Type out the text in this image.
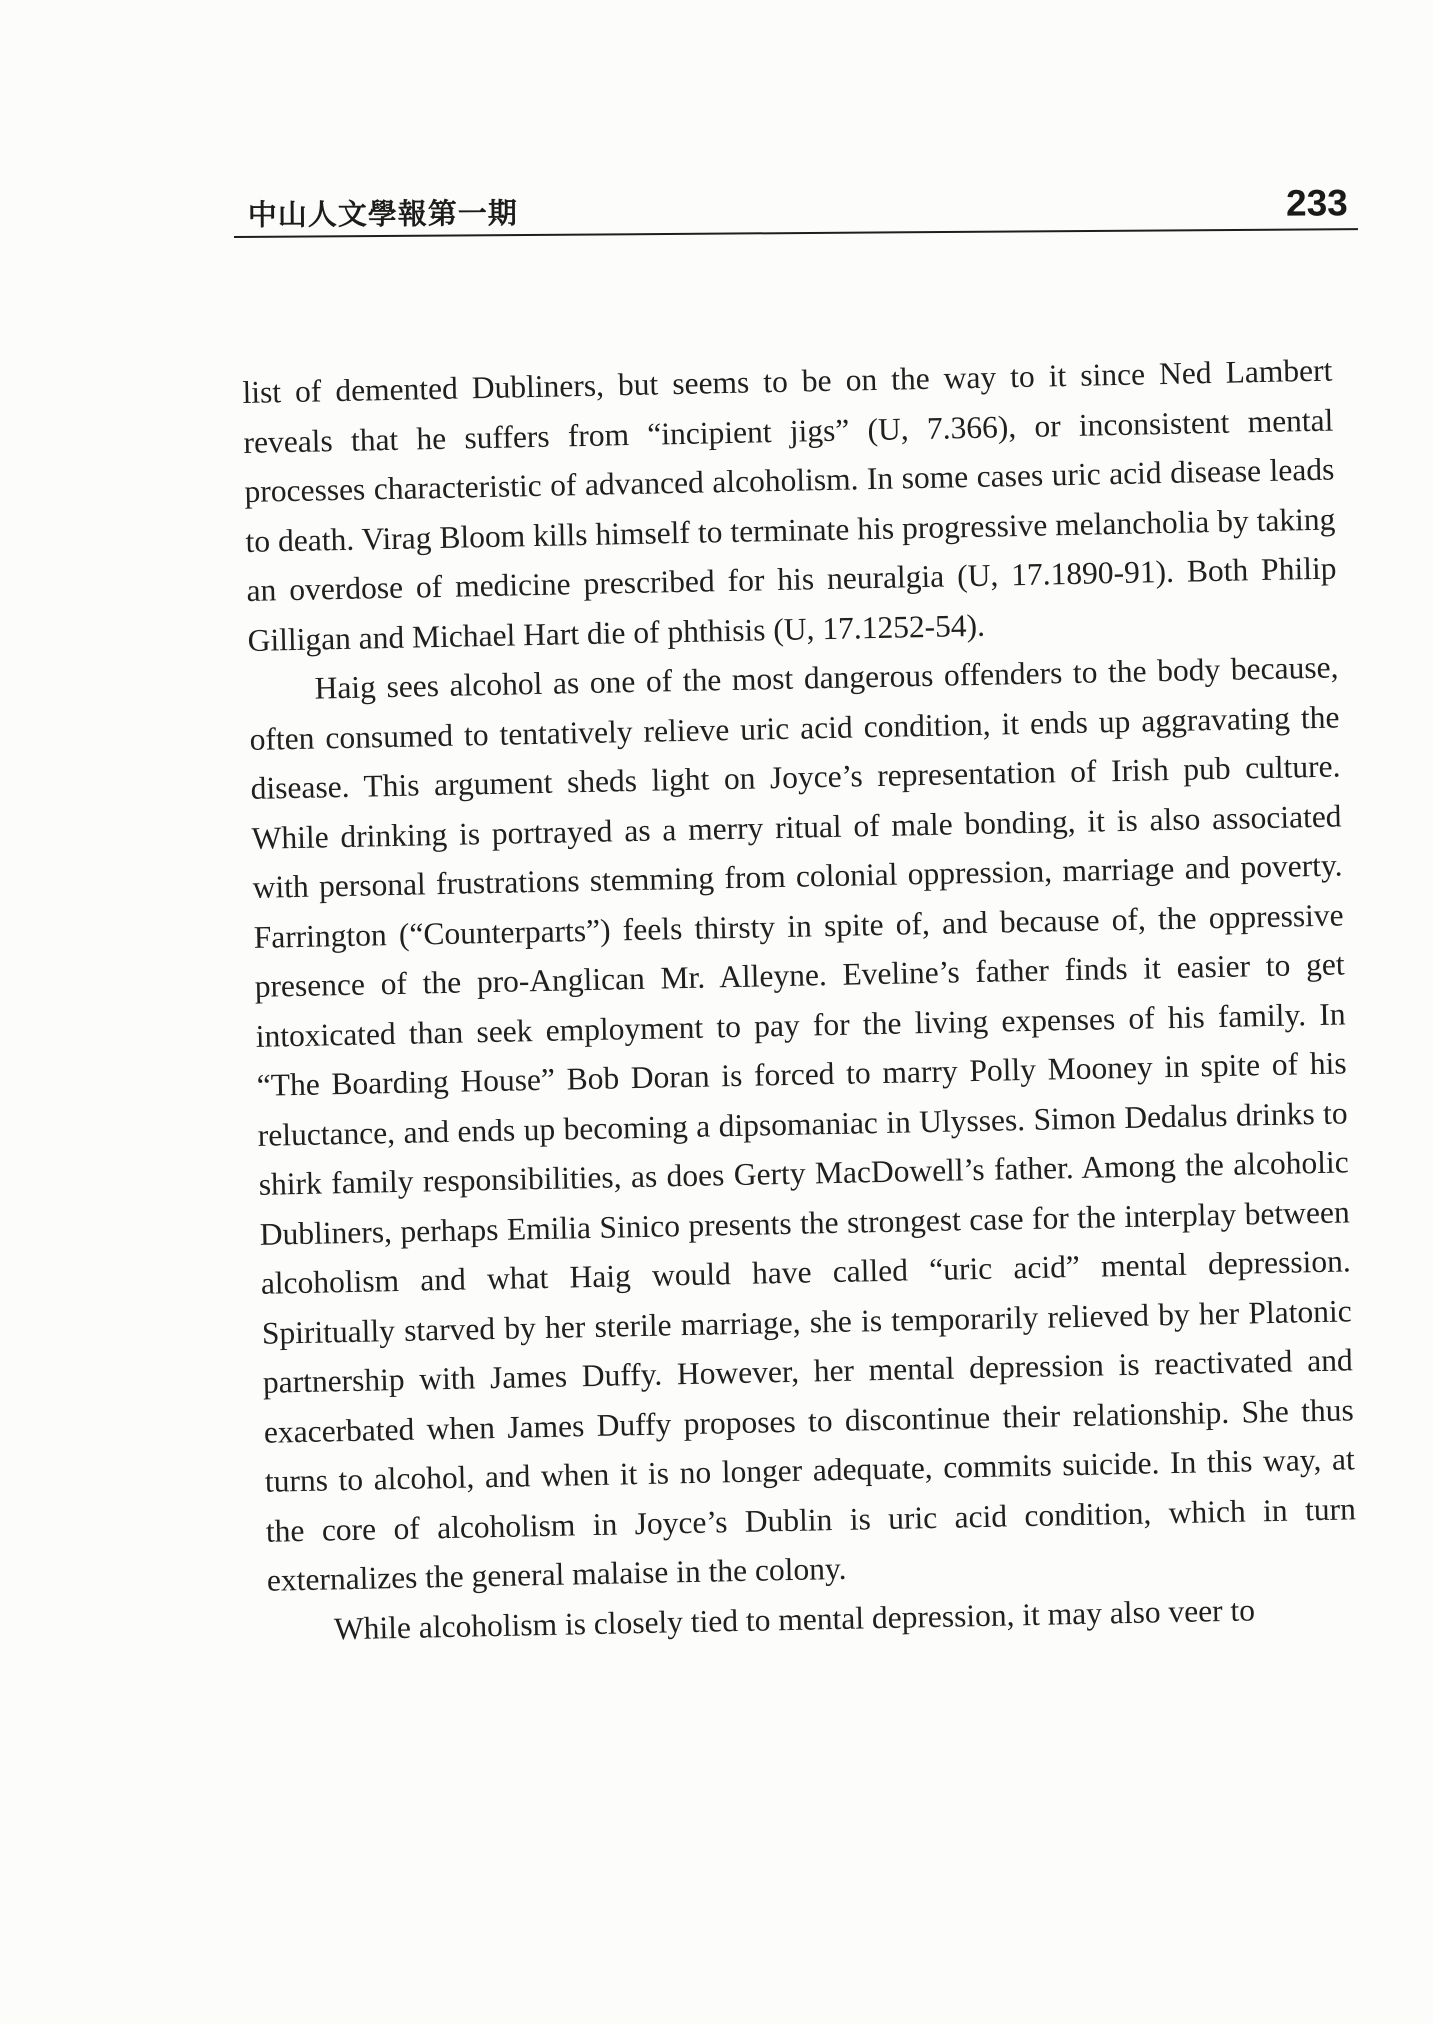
中山人文學報第一期	233

list of demented Dubliners, but seems to be on the way to it since Ned Lambert reveals that he suffers from “incipient jigs” (U, 7.366), or inconsistent mental processes characteristic of advanced alcoholism. In some cases uric acid disease leads to death. Virag Bloom kills himself to terminate his progressive melancholia by taking an overdose of medicine prescribed for his neuralgia (U, 17.1890-91). Both Philip Gilligan and Michael Hart die of phthisis (U, 17.1252-54).

Haig sees alcohol as one of the most dangerous offenders to the body because, often consumed to tentatively relieve uric acid condition, it ends up aggravating the disease. This argument sheds light on Joyce’s representation of Irish pub culture. While drinking is portrayed as a merry ritual of male bonding, it is also associated with personal frustrations stemming from colonial oppression, marriage and poverty. Farrington (“Counterparts”) feels thirsty in spite of, and because of, the oppressive presence of the pro-Anglican Mr. Alleyne. Eveline’s father finds it easier to get intoxicated than seek employment to pay for the living expenses of his family. In “The Boarding House” Bob Doran is forced to marry Polly Mooney in spite of his reluctance, and ends up becoming a dipsomaniac in Ulysses. Simon Dedalus drinks to shirk family responsibilities, as does Gerty MacDowell’s father. Among the alcoholic Dubliners, perhaps Emilia Sinico presents the strongest case for the interplay between alcoholism and what Haig would have called “uric acid” mental depression. Spiritually starved by her sterile marriage, she is temporarily relieved by her Platonic partnership with James Duffy. However, her mental depression is reactivated and exacerbated when James Duffy proposes to discontinue their relationship. She thus turns to alcohol, and when it is no longer adequate, commits suicide. In this way, at the core of alcoholism in Joyce’s Dublin is uric acid condition, which in turn externalizes the general malaise in the colony.

While alcoholism is closely tied to mental depression, it may also veer to
